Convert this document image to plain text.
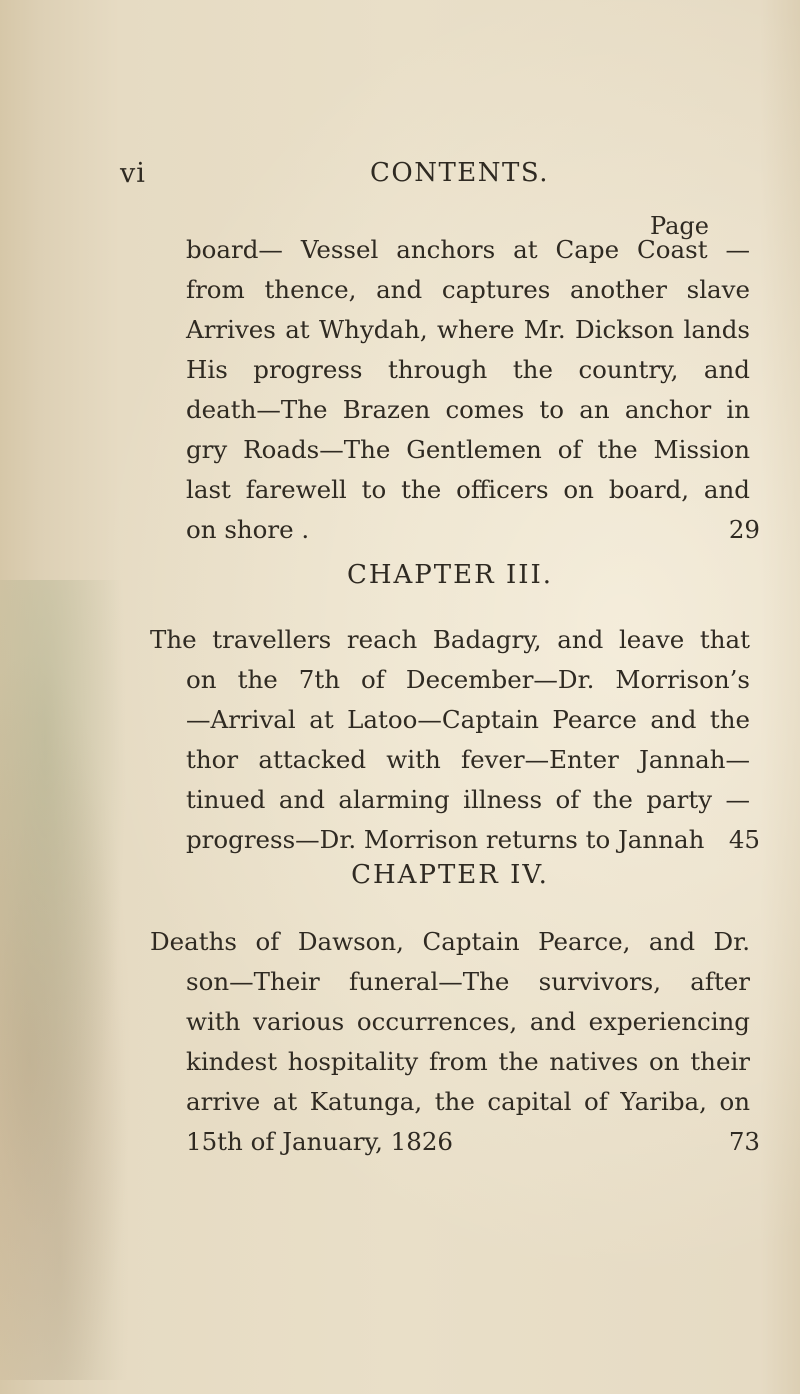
vi	CONTENTS.
Page
board— Vessel anchors at Cape Coast —
from thence, and captures another slave
Arrives at Whydah, where Mr. Dickson lands
His progress through the country, and
death—The Brazen comes to an anchor in
gry Roads—The Gentlemen of the Mission
last farewell to the officers on board, and
on shore .	29
CHAPTER III.
The travellers reach Badagry, and leave that
on the 7th of December—Dr. Morrison’s
—Arrival at Latoo—Captain Pearce and the
thor attacked with fever—Enter Jannah—
tinued and alarming illness of the party —
progress—Dr. Morrison returns to Jannah 45
CHAPTER IV.
Deaths of Dawson, Captain Pearce, and Dr.
son—Their funeral—The survivors, after
with various occurrences, and experiencing
kindest hospitality from the natives on their
arrive at Katunga, the capital of Yariba, on
15th of January, 1826	73
